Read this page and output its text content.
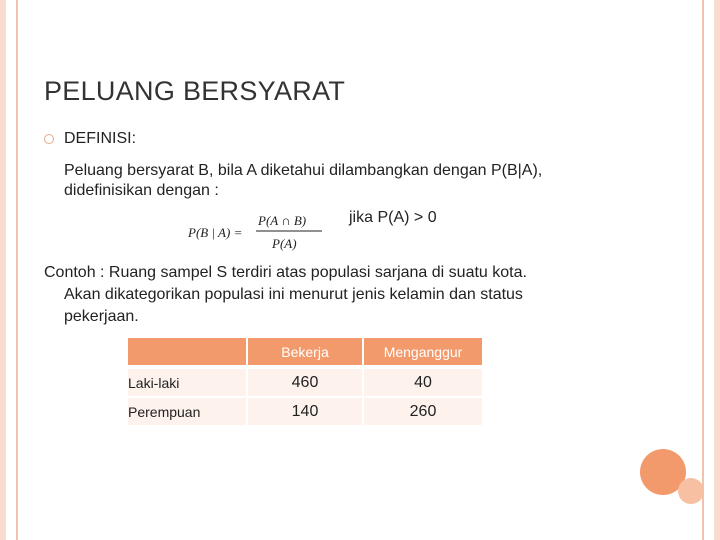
PELUANG BERSYARAT
DEFINISI:
Peluang bersyarat B, bila A diketahui dilambangkan dengan P(B|A),
didefinisikan dengan :
jika P(A) > 0
P(B | A) =
P(A ∩ B)
P(A)
Contoh : Ruang sampel S terdiri atas populasi sarjana di suatu kota.
Akan dikategorikan populasi ini menurut jenis kelamin dan status
pekerjaan.
	Bekerja	Menganggur
Laki-laki	460	40
Perempuan	140	260
